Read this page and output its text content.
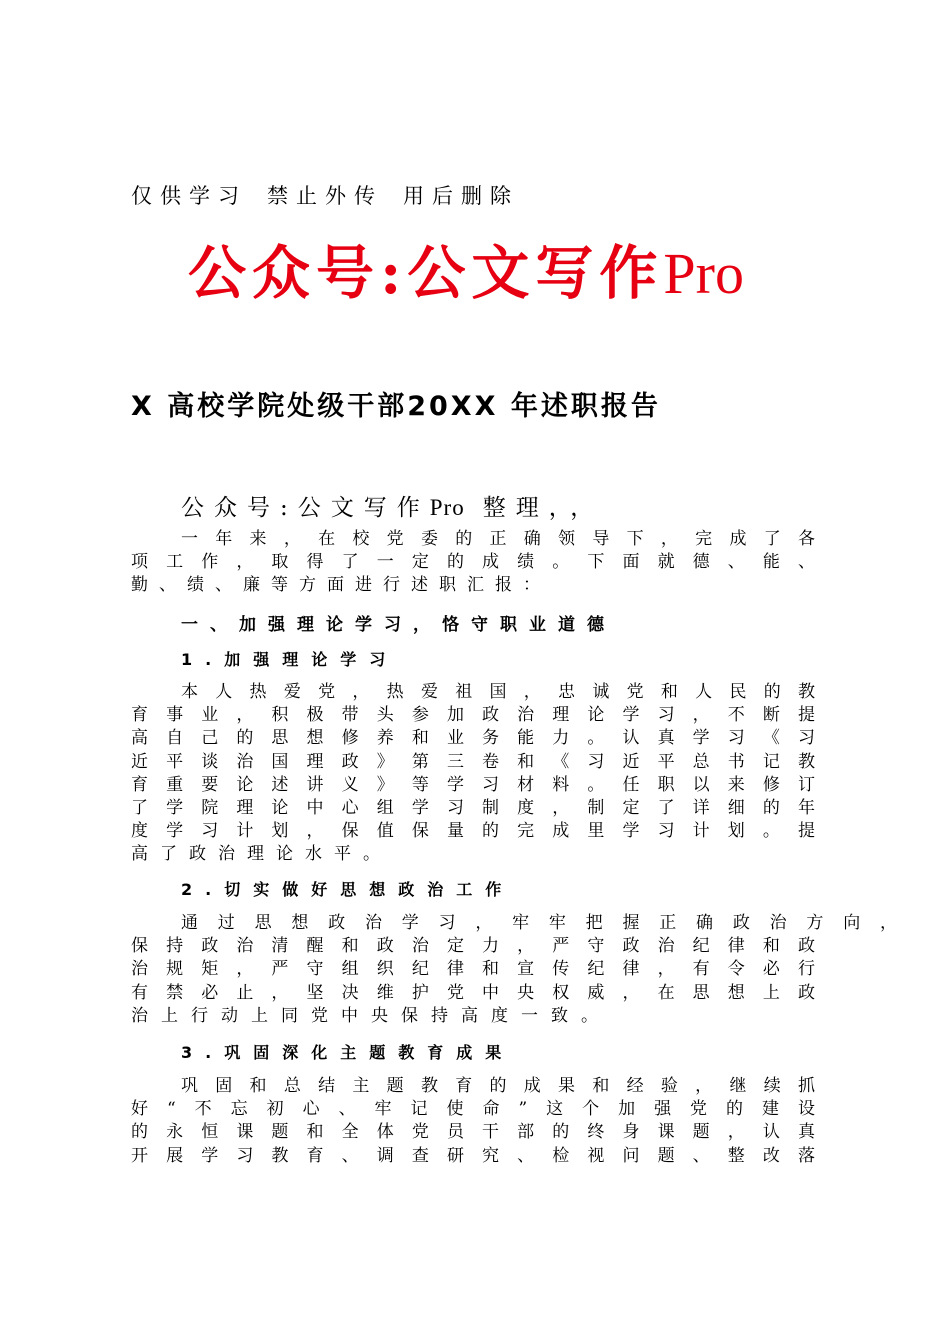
仅供学习 禁止外传 用后删除
公众号:公文写作Pro
X 高校学院处级干部20XX 年述职报告
公众号:公文写作Pro 整理，，
一年来，在校党委的正确领导下，完成了各
项工作，取得了一定的成绩。下面就德、能、
勤、绩、廉等方面进行述职汇报：
一、加强理论学习，恪守职业道德
1.加强理论学习
本人热爱党，热爱祖国，忠诚党和人民的教
育事业，积极带头参加政治理论学习，不断提
高自己的思想修养和业务能力。认真学习《习
近平谈治国理政》第三卷和《习近平总书记教
育重要论述讲义》等学习材料。任职以来修订
了学院理论中心组学习制度，制定了详细的年
度学习计划，保值保量的完成里学习计划。提
高了政治理论水平。
2.切实做好思想政治工作
通过思想政治学习，牢牢把握正确政治方向，
保持政治清醒和政治定力，严守政治纪律和政
治规矩，严守组织纪律和宣传纪律，有令必行
有禁必止，坚决维护党中央权威，在思想上政
治上行动上同党中央保持高度一致。
3.巩固深化主题教育成果
巩固和总结主题教育的成果和经验，继续抓
好“不忘初心、牢记使命”这个加强党的建设
的永恒课题和全体党员干部的终身课题，认真
开展学习教育、调查研究、检视问题、整改落
